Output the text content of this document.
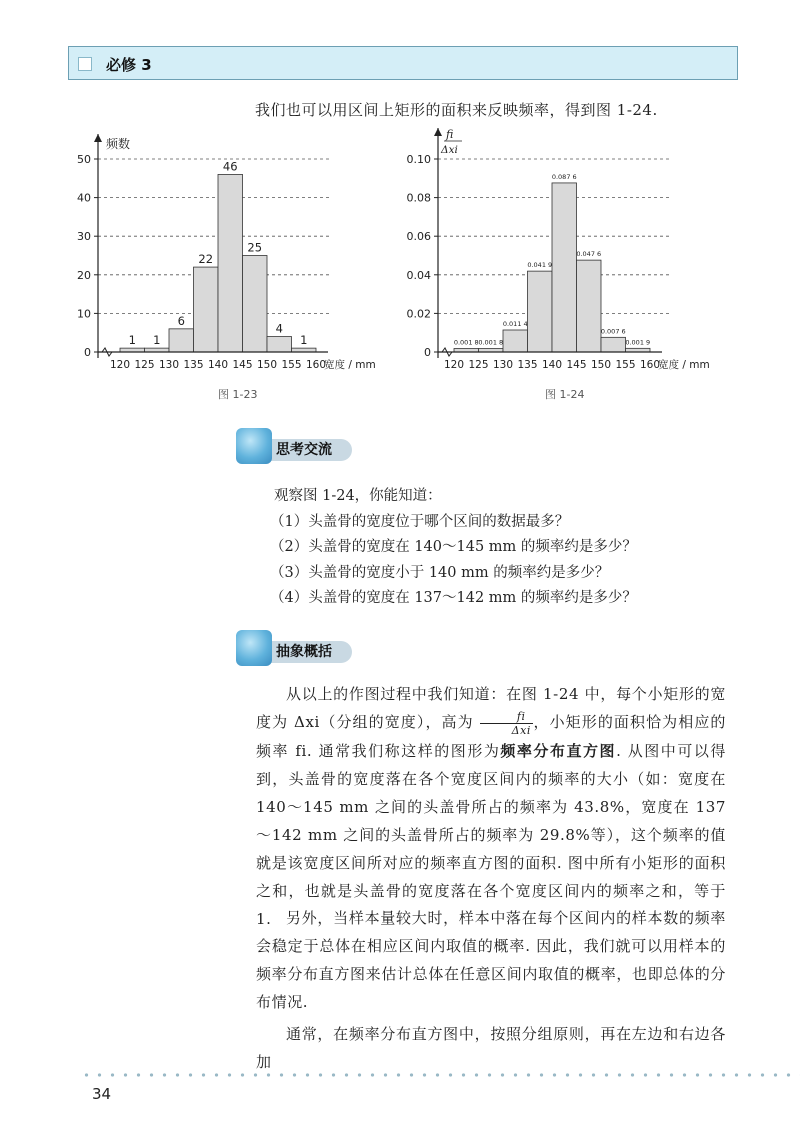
必修 3
我们也可以用区间上矩形的面积来反映频率，得到图 1-24.
0
10
20
30
40
50
1 1
6
22
46
25
4
1
120 125 130 135 140 145 150 155 160
宽度 / mm
频数
图 1-23
0
0.02
0.04
0.06
0.08
0.10
0.001 8 0.001 8
0.011 4
0.041 9
0.087 6
0.047 6
0.007 6
0.001 9
120 125 130 135 140 145 150 155 160
宽度 / mm
fi
Δxi
图 1-24
思考交流
观察图 1-24，你能知道：
（1）头盖骨的宽度位于哪个区间的数据最多？
（2）头盖骨的宽度在 140～145 mm 的频率约是多少？
（3）头盖骨的宽度小于 140 mm 的频率约是多少？
（4）头盖骨的宽度在 137～142 mm 的频率约是多少？
抽象概括
从以上的作图过程中我们知道：在图 1-24 中，每个小矩形的宽度为 Δxi（分组的宽度），高为 $\frac{fi}{\text{Δxi}}$ ，小矩形的面积恰为相应的频率 fi. 通常我们称这样的图形为频率分布直方图. 从图中可以得到，头盖骨的宽度落在各个宽度区间内的频率的大小（如：宽度在 140～145 mm 之间的头盖骨所占的频率为 43.8%，宽度在 137～142 mm 之间的头盖骨所占的频率为 29.8%等），这个频率的值就是该宽度区间所对应的频率直方图的面积. 图中所有小矩形的面积之和，也就是头盖骨的宽度落在各个宽度区间内的频率之和，等于 1. 另外，当样本量较大时，样本中落在每个区间内的样本数的频率会稳定于总体在相应区间内取值的概率. 因此，我们就可以用样本的频率分布直方图来估计总体在任意区间内取值的概率，也即总体的分布情况.
通常，在频率分布直方图中，按照分组原则，再在左边和右边各加
34
